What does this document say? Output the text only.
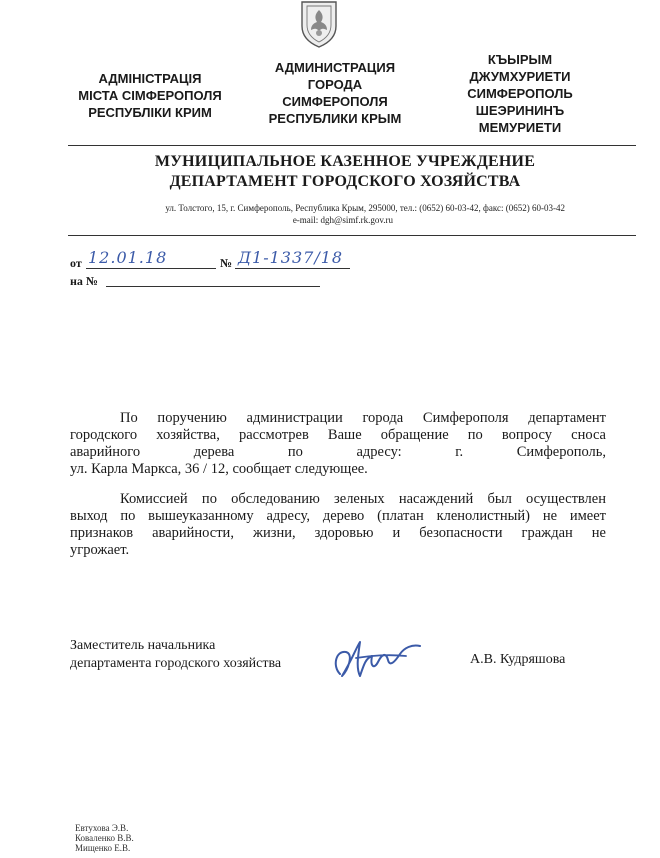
АДМІНІСТРАЦІЯ
МІСТА СІМФЕРОПОЛЯ
РЕСПУБЛІКИ КРИМ
АДМИНИСТРАЦИЯ
ГОРОДА
СИМФЕРОПОЛЯ
РЕСПУБЛИКИ КРЫМ
КЪЫРЫМ
ДЖУМХУРИЕТИ
СИМФЕРОПОЛЬ
ШЕЭРИНИНЪ
МЕМУРИЕТИ
МУНИЦИПАЛЬНОЕ КАЗЕННОЕ УЧРЕЖДЕНИЕ
ДЕПАРТАМЕНТ ГОРОДСКОГО ХОЗЯЙСТВА
ул. Толстого, 15, г. Симферополь, Республика Крым, 295000, тел.: (0652) 60-03-42, факс: (0652) 60-03-42
e-mail: dgh@simf.rk.gov.ru
от 12.01.18	№ Д1-1337/18
на №
По поручению администрации города Симферополя департамент
городского хозяйства, рассмотрев Ваше обращение по вопросу сноса
аварийного дерева по адресу: г. Симферополь,
ул. Карла Маркса, 36 / 12, сообщает следующее.
Комиссией по обследованию зеленых насаждений был осуществлен
выход по вышеуказанному адресу, дерево (платан кленолистный) не имеет
признаков аварийности, жизни, здоровью и безопасности граждан не
угрожает.
Заместитель начальника
департамента городского хозяйства	А.В. Кудряшова
Евтухова Э.В.
Коваленко В.В.
Мищенко Е.В.
